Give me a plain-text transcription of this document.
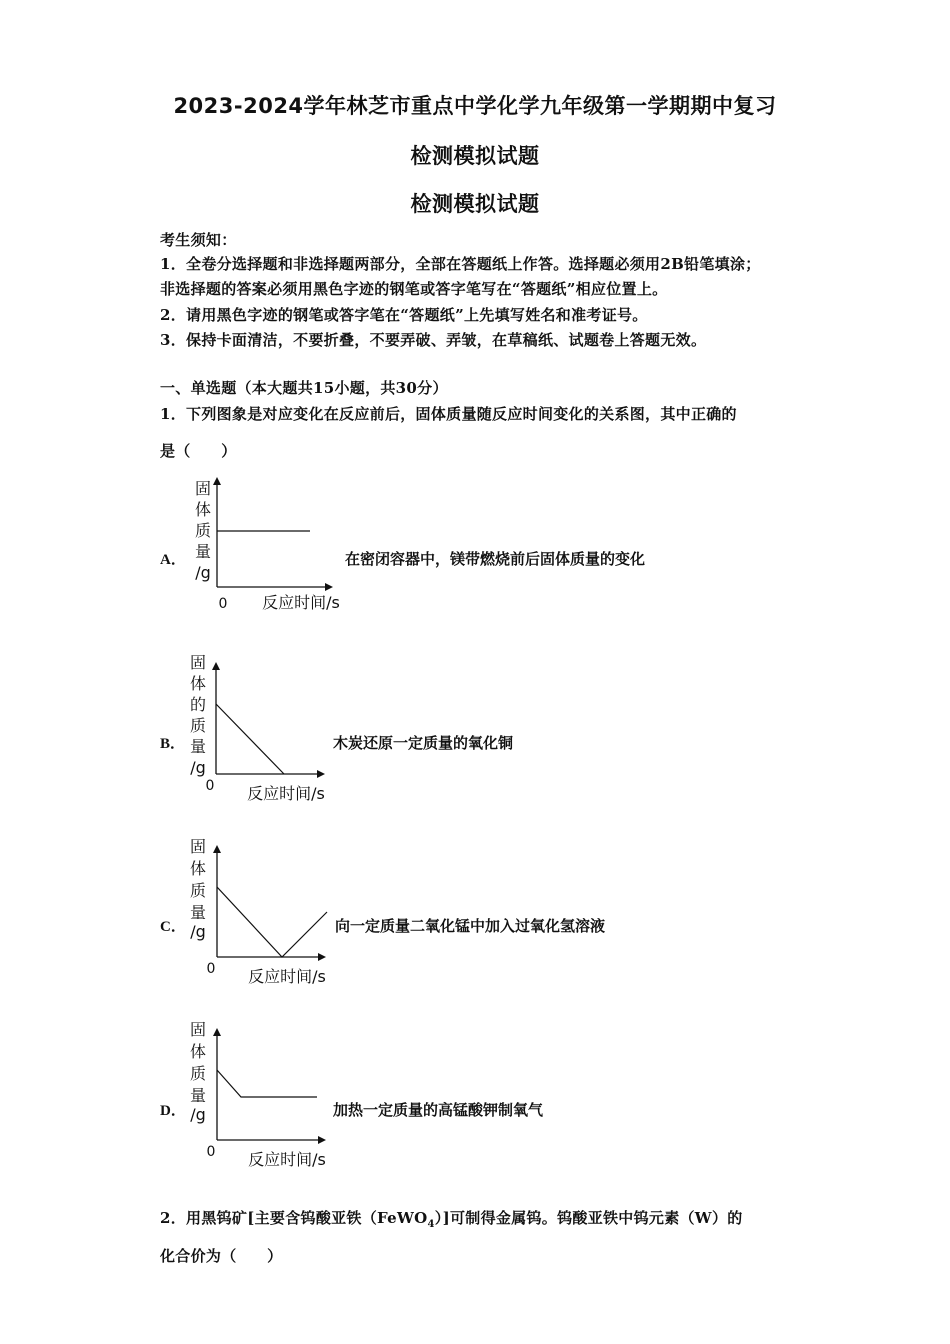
2023-2024学年林芝市重点中学化学九年级第一学期期中复习
检测模拟试题
检测模拟试题
考生须知：
1．全卷分选择题和非选择题两部分，全部在答题纸上作答。选择题必须用2B铅笔填涂；
非选择题的答案必须用黑色字迹的钢笔或答字笔写在“答题纸”相应位置上。
2．请用黑色字迹的钢笔或答字笔在“答题纸”上先填写姓名和准考证号。
3．保持卡面清洁，不要折叠，不要弄破、弄皱，在草稿纸、试题卷上答题无效。
一、单选题（本大题共15小题，共30分）
1．下列图象是对应变化在反应前后，固体质量随反应时间变化的关系图，其中正确的
是（　　）
A．
固
体
质
量
/g
0 反应时间/s
在密闭容器中，镁带燃烧前后固体质量的变化
B．
固
体
的
质
量
/g
0 反应时间/s
木炭还原一定质量的氧化铜
C．
固
体
质
量
/g
0 反应时间/s
向一定质量二氧化锰中加入过氧化氢溶液
D．
固
体
质
量
/g
0 反应时间/s
加热一定质量的高锰酸钾制氧气
2．用黑钨矿[主要含钨酸亚铁（FeWO$_4$）]可制得金属钨。钨酸亚铁中钨元素（W）的
化合价为（　　）
